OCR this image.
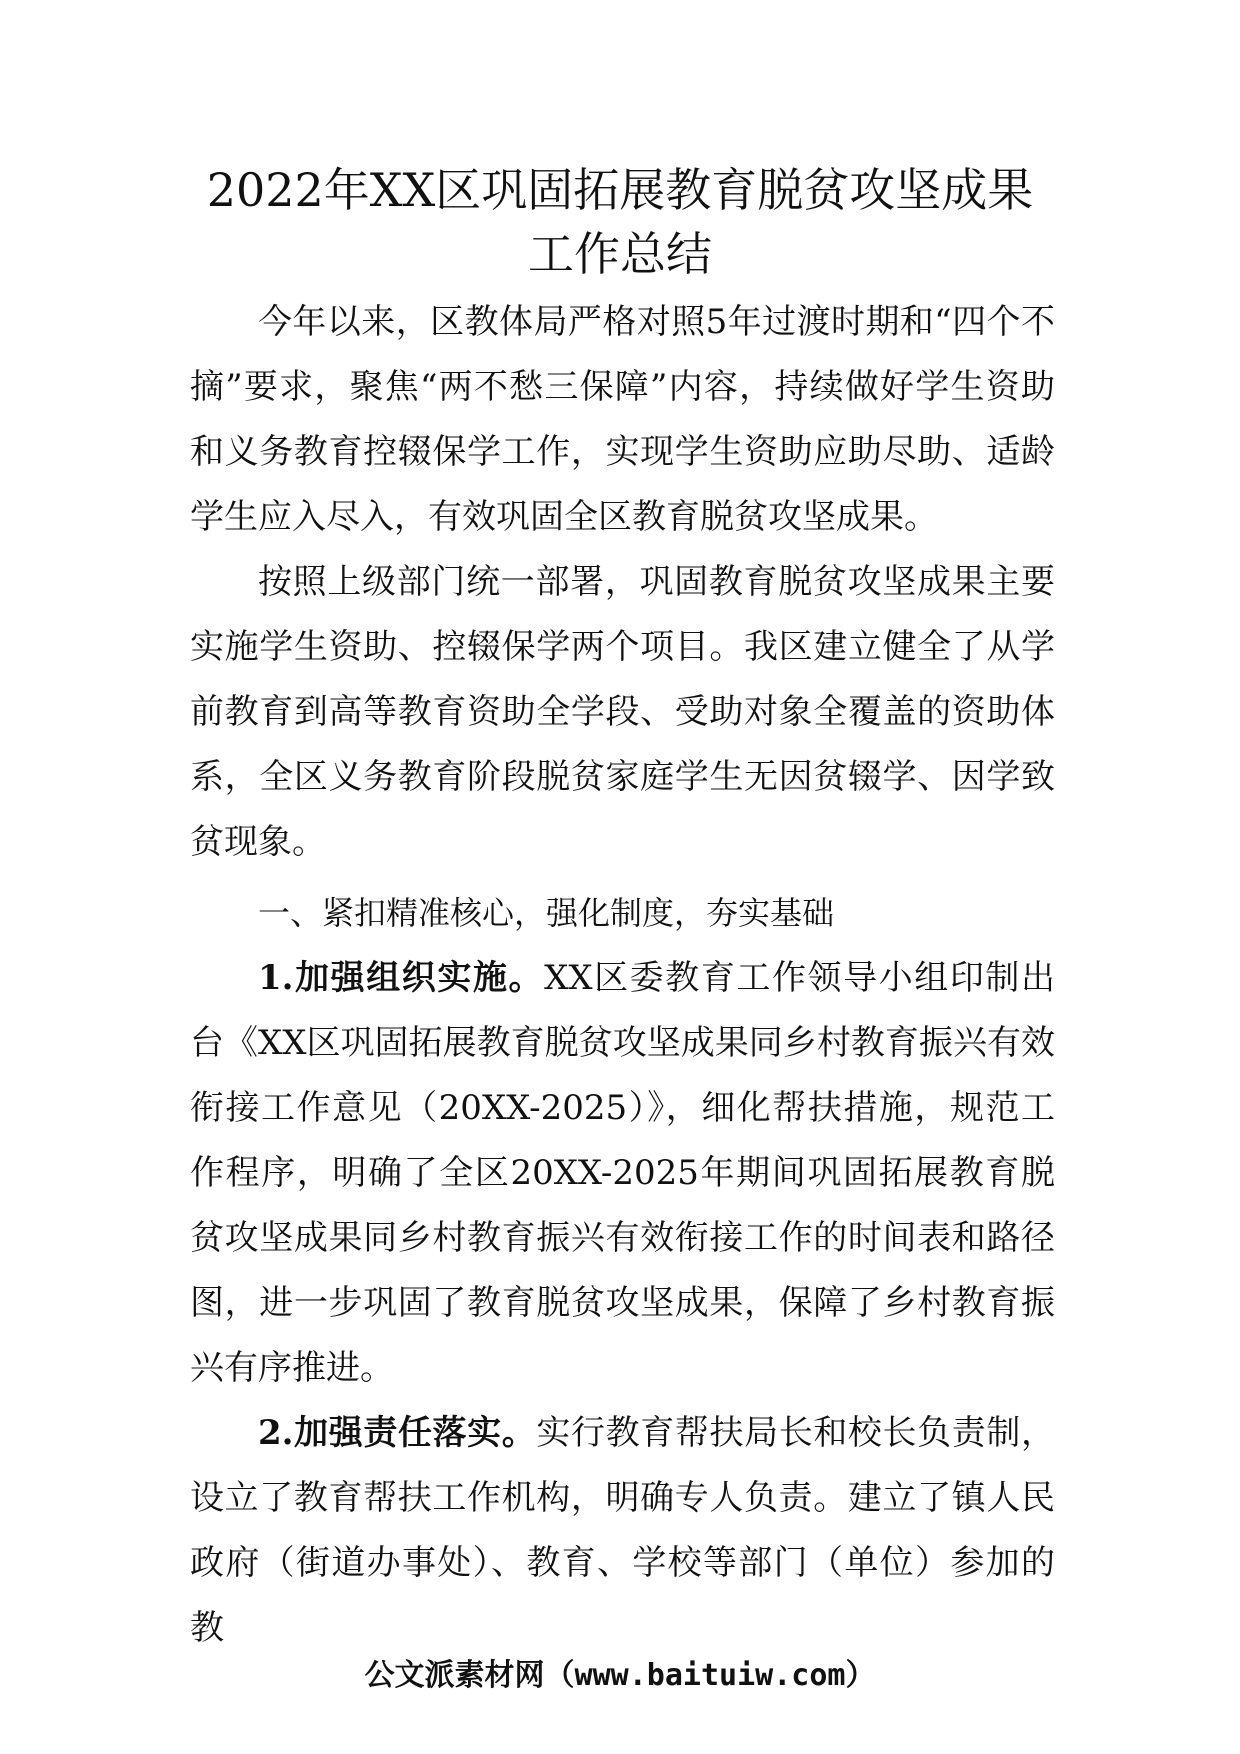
2022年XX区巩固拓展教育脱贫攻坚成果
工作总结

今年以来，区教体局严格对照5年过渡时期和“四个不摘”要求，聚焦“两不愁三保障”内容，持续做好学生资助和义务教育控辍保学工作，实现学生资助应助尽助、适龄学生应入尽入，有效巩固全区教育脱贫攻坚成果。

按照上级部门统一部署，巩固教育脱贫攻坚成果主要实施学生资助、控辍保学两个项目。我区建立健全了从学前教育到高等教育资助全学段、受助对象全覆盖的资助体系，全区义务教育阶段脱贫家庭学生无因贫辍学、因学致贫现象。

一、紧扣精准核心，强化制度，夯实基础

1.加强组织实施。XX区委教育工作领导小组印制出台《XX区巩固拓展教育脱贫攻坚成果同乡村教育振兴有效衔接工作意见（20XX-2025）》，细化帮扶措施，规范工作程序，明确了全区20XX-2025年期间巩固拓展教育脱贫攻坚成果同乡村教育振兴有效衔接工作的时间表和路径图，进一步巩固了教育脱贫攻坚成果，保障了乡村教育振兴有序推进。

2.加强责任落实。实行教育帮扶局长和校长负责制，设立了教育帮扶工作机构，明确专人负责。建立了镇人民政府（街道办事处）、教育、学校等部门（单位）参加的教

公文派素材网（www.baituiw.com）
